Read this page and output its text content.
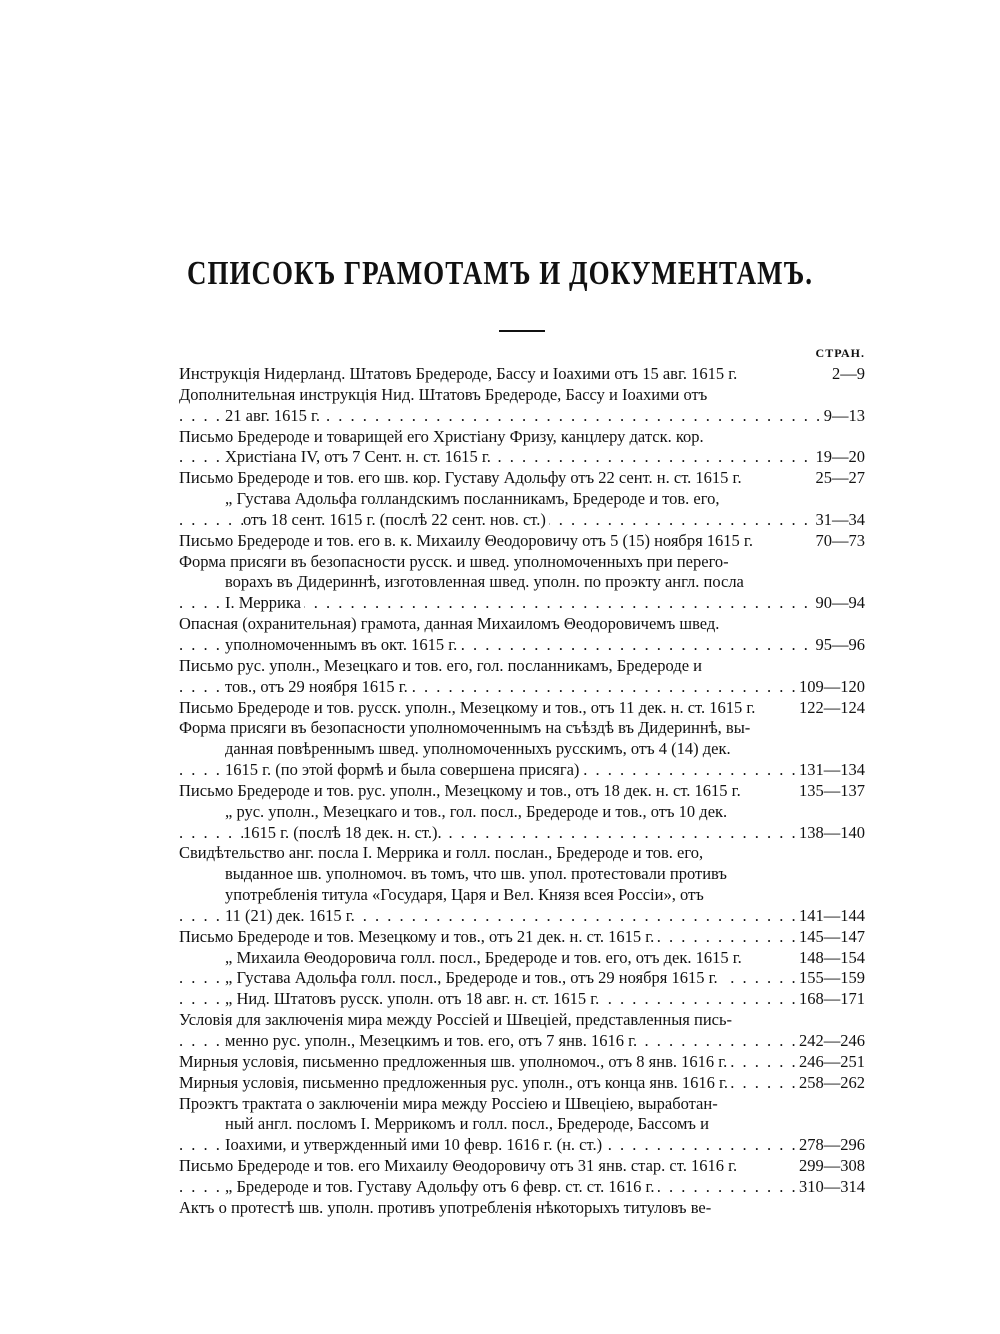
СПИСОКЪ ГРАМОТАМЪ И ДОКУМЕНТАМЪ.
СТРАН.
Инструкція Нидерланд. Штатовъ Бредероде, Бассу и Іоахими отъ 15 авг. 1615 г.	2—9
Дополнительная инструкція Нид. Штатовъ Бредероде, Бассу и Іоахими отъ
. . . 21 авг. 1615 г.	9—13
Письмо Бредероде и товарищей его Христіану Фризу, канцлеру датск. кор.
. . . Христіана IV, отъ 7 Сент. н. ст. 1615 г.	19—20
Письмо Бредероде и тов. его шв. кор. Густаву Адольфу отъ 22 сент. н. ст. 1615 г.	25—27
„ Густава Адольфа голландскимъ посланникамъ, Бредероде и тов. его,
. . . отъ 18 сент. 1615 г. (послѣ 22 сент. нов. ст.)	31—34
Письмо Бредероде и тов. его в. к. Михаилу Θеодоровичу отъ 5 (15) ноября 1615 г.	70—73
Форма присяги въ безопасности русск. и швед. уполномоченныхъ при перего-
ворахъ въ Дидериннѣ, изготовленная швед. уполн. по проэкту англ. посла
. . . І. Меррика	90—94
Опасная (охранительная) грамота, данная Михаиломъ Θеодоровичемъ швед.
. . . уполномоченнымъ въ окт. 1615 г.	95—96
Письмо рус. уполн., Мезецкаго и тов. его, гол. посланникамъ, Бредероде и
. . . тов., отъ 29 ноября 1615 г.	109—120
Письмо Бредероде и тов. русск. уполн., Мезецкому и тов., отъ 11 дек. н. ст. 1615 г.	122—124
Форма присяги въ безопасности уполномоченнымъ на съѣздѣ въ Дидериннѣ, вы-
данная повѣреннымъ швед. уполномоченныхъ русскимъ, отъ 4 (14) дек.
. . . 1615 г. (по этой формѣ и была совершена присяга)	131—134
Письмо Бредероде и тов. рус. уполн., Мезецкому и тов., отъ 18 дек. н. ст. 1615 г.	135—137
„ рус. уполн., Мезецкаго и тов., гол. посл., Бредероде и тов., отъ 10 дек.
. . . 1615 г. (послѣ 18 дек. н. ст.).	138—140
Свидѣтельство анг. посла І. Меррика и голл. послан., Бредероде и тов. его,
выданное шв. уполномоч. въ томъ, что шв. упол. протестовали противъ
употребленія титула «Государя, Царя и Вел. Князя всея Россіи», отъ
. . . 11 (21) дек. 1615 г.	141—144
. . . Письмо Бредероде и тов. Мезецкому и тов., отъ 21 дек. н. ст. 1615 г.	145—147
„ Михаила Θеодоровича голл. посл., Бредероде и тов. его, отъ дек. 1615 г.	148—154
. . . „ Густава Адольфа голл. посл., Бредероде и тов., отъ 29 ноября 1615 г.	155—159
. . . „ Нид. Штатовъ русск. уполн. отъ 18 авг. н. ст. 1615 г.	168—171
Условія для заключенія мира между Россіей и Швеціей, представленныя пись-
. . . менно рус. уполн., Мезецкимъ и тов. его, отъ 7 янв. 1616 г.	242—246
. . . Мирныя условія, письменно предложенныя шв. уполномоч., отъ 8 янв. 1616 г.	246—251
. . . Мирныя условія, письменно предложенныя рус. уполн., отъ конца янв. 1616 г.	258—262
Проэктъ трактата о заключеніи мира между Россіею и Швеціею, выработан-
ный англ. посломъ І. Меррикомъ и голл. посл., Бредероде, Бассомъ и
. . . Іоахими, и утвержденный ими 10 февр. 1616 г. (н. ст.)	278—296
Письмо Бредероде и тов. его Михаилу Θеодоровичу отъ 31 янв. стар. ст. 1616 г.	299—308
. . . „ Бредероде и тов. Густаву Адольфу отъ 6 февр. ст. ст. 1616 г.	310—314
Актъ о протестѣ шв. уполн. противъ употребленія нѣкоторыхъ титуловъ ве-
